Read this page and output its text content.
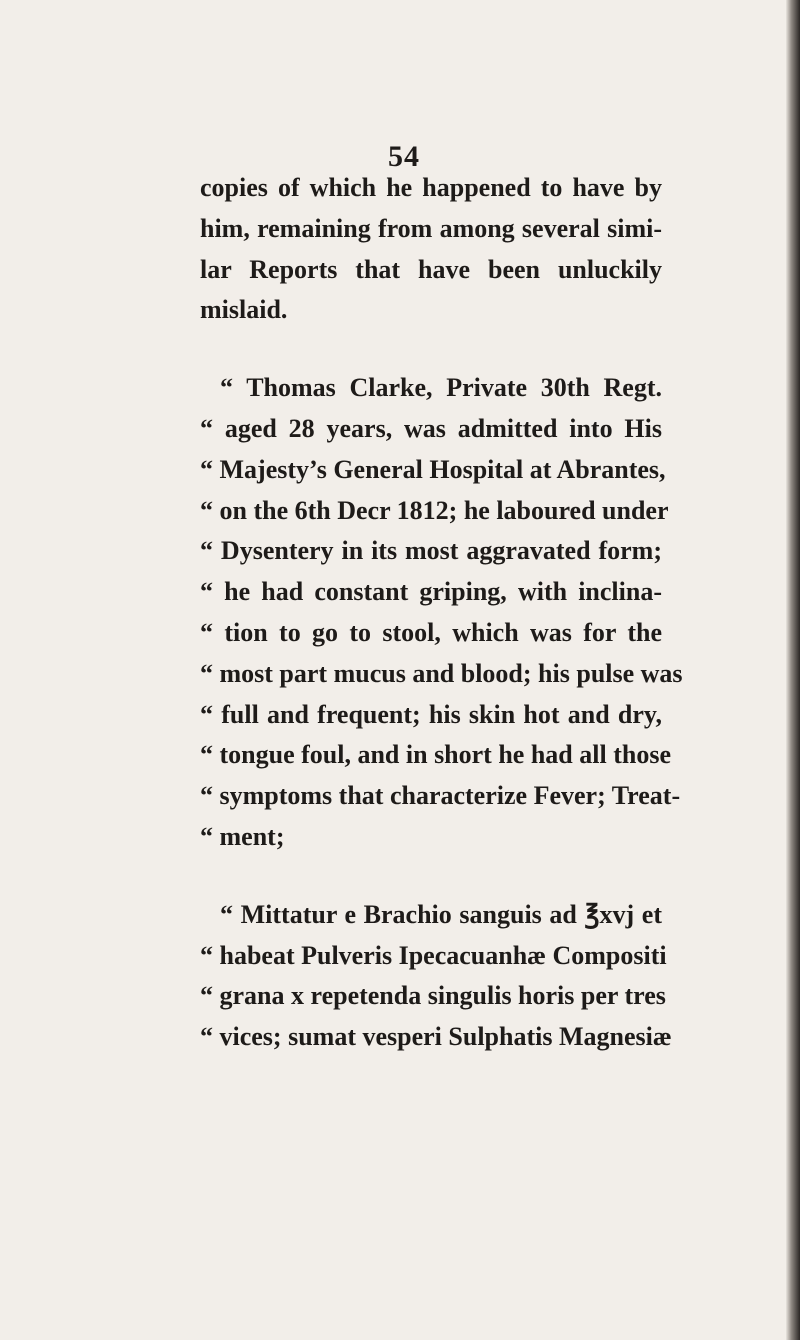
54
copies of which he happened to have by
him, remaining from among several simi-
lar Reports that have been unluckily
mislaid.
“ Thomas Clarke, Private 30th Regt.
“ aged 28 years, was admitted into His
“ Majesty’s General Hospital at Abrantes,
“ on the 6th Decr 1812; he laboured under
“ Dysentery in its most aggravated form;
“ he had constant griping, with inclina-
“ tion to go to stool, which was for the
“ most part mucus and blood; his pulse was
“ full and frequent; his skin hot and dry,
“ tongue foul, and in short he had all those
“ symptoms that characterize Fever; Treat-
“ ment;
“ Mittatur e Brachio sanguis ad ℥xvj et
“ habeat Pulveris Ipecacuanhæ Compositi
“ grana x repetenda singulis horis per tres
“ vices; sumat vesperi Sulphatis Magnesiæ
